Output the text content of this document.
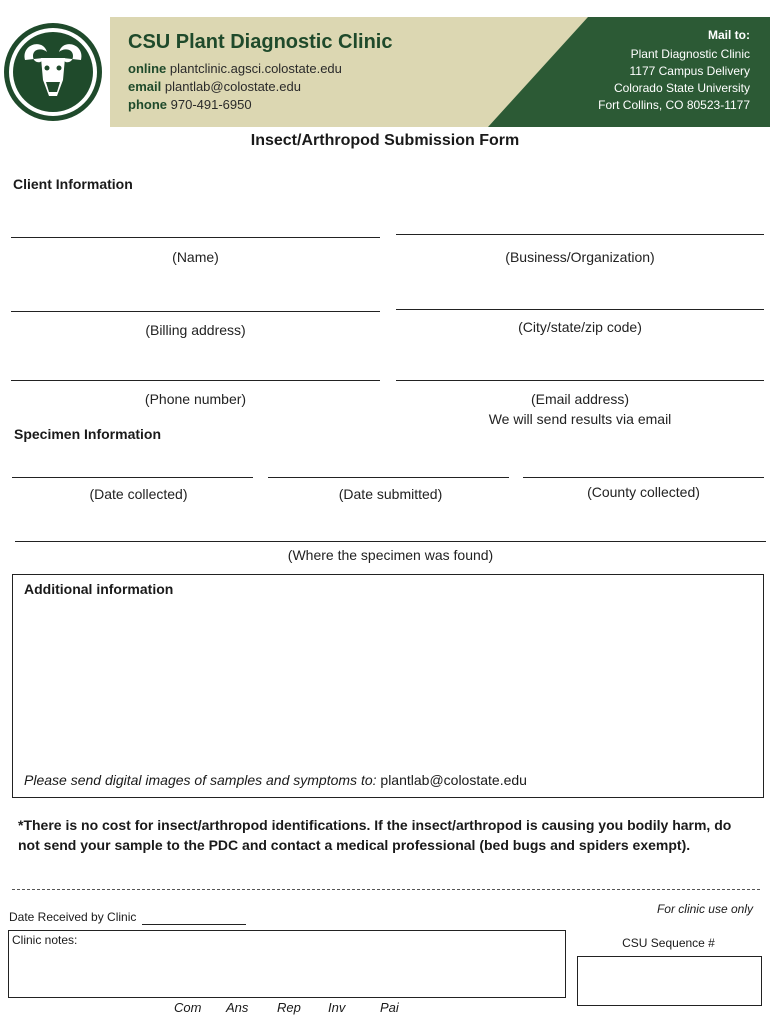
CSU Plant Diagnostic Clinic
online plantclinic.agsci.colostate.edu
email plantlab@colostate.edu
phone 970-491-6950
Mail to:
Plant Diagnostic Clinic
1177 Campus Delivery
Colorado State University
Fort Collins, CO 80523-1177
Insect/Arthropod Submission Form
Client Information
(Name)	(Business/Organization)
(Billing address)	(City/state/zip code)
(Phone number)	(Email address)
We will send results via email
Specimen Information
(Date collected)	(Date submitted)	(County collected)
(Where the specimen was found)
Additional information
Please send digital images of samples and symptoms to: plantlab@colostate.edu
*There is no cost for insect/arthropod identifications. If the insect/arthropod is causing you bodily harm, do not send your sample to the PDC and contact a medical professional (bed bugs and spiders exempt).
For clinic use only
Date Received by Clinic
Clinic notes:	CSU Sequence #
Com Ans Rep Inv	Pai
